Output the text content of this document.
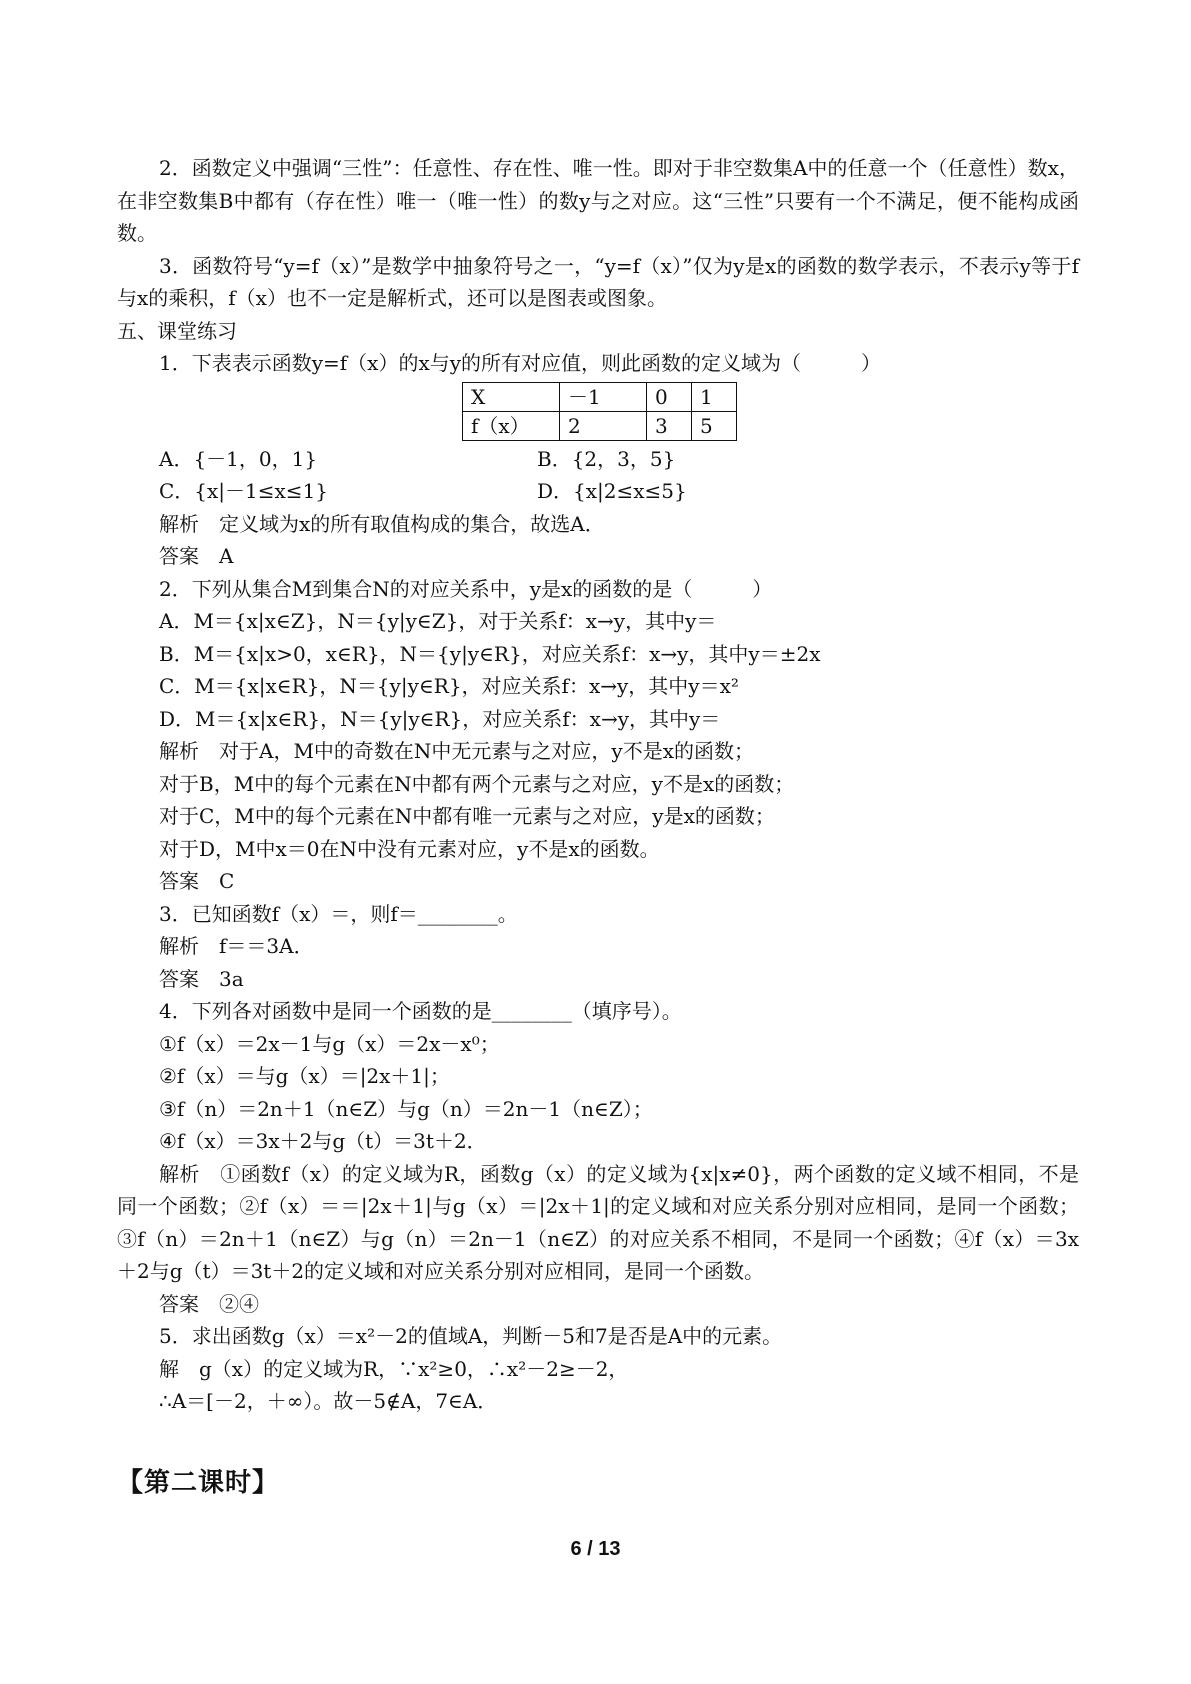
2．函数定义中强调“三性”：任意性、存在性、唯一性。即对于非空数集A中的任意一个（任意性）数x，在非空数集B中都有（存在性）唯一（唯一性）的数y与之对应。这“三性”只要有一个不满足，便不能构成函数。

3．函数符号“y=f（x）”是数学中抽象符号之一，“y=f（x）”仅为y是x的函数的数学表示，不表示y等于f与x的乘积，f（x）也不一定是解析式，还可以是图表或图象。

五、课堂练习

1．下表表示函数y=f（x）的x与y的所有对应值，则此函数的定义域为（　　　）

X	－1	0	1
f（x）	2	3	5
A．{－1，0，1}	B．{2，3，5}
C．{x|－1≤x≤1}	D．{x|2≤x≤5}

解析　定义域为x的所有取值构成的集合，故选A．

答案　A

2．下列从集合M到集合N的对应关系中，y是x的函数的是（　　　）

A．M＝{x|x∈Z}，N＝{y|y∈Z}，对于关系f：x→y，其中y＝

B．M＝{x|x>0，x∈R}，N＝{y|y∈R}，对应关系f：x→y，其中y＝±2x

C．M＝{x|x∈R}，N＝{y|y∈R}，对应关系f：x→y，其中y＝x²

D．M＝{x|x∈R}，N＝{y|y∈R}，对应关系f：x→y，其中y＝

解析　对于A，M中的奇数在N中无元素与之对应，y不是x的函数；

对于B，M中的每个元素在N中都有两个元素与之对应，y不是x的函数；

对于C，M中的每个元素在N中都有唯一元素与之对应，y是x的函数；

对于D，M中x＝0在N中没有元素对应，y不是x的函数。

答案　C

3．已知函数f（x）＝，则f＝________。

解析　f＝＝3A．

答案　3a

4．下列各对函数中是同一个函数的是________（填序号）。

①f（x）＝2x－1与g（x）＝2x－x⁰；

②f（x）＝与g（x）＝|2x＋1|；

③f（n）＝2n＋1（n∈Z）与g（n）＝2n－1（n∈Z）；

④f（x）＝3x＋2与g（t）＝3t＋2．

解析　①函数f（x）的定义域为R，函数g（x）的定义域为{x|x≠0}，两个函数的定义域不相同，不是同一个函数；②f（x）＝＝|2x＋1|与g（x）＝|2x＋1|的定义域和对应关系分别对应相同，是同一个函数；③f（n）＝2n＋1（n∈Z）与g（n）＝2n－1（n∈Z）的对应关系不相同，不是同一个函数；④f（x）＝3x＋2与g（t）＝3t＋2的定义域和对应关系分别对应相同，是同一个函数。

答案　②④

5．求出函数g（x）＝x²－2的值域A，判断－5和7是否是A中的元素。

解　g（x）的定义域为R，∵x²≥0，∴x²－2≥－2，

∴A＝[－2，＋∞）。故－5∉A，7∈A．

【第二课时】
6 / 13
